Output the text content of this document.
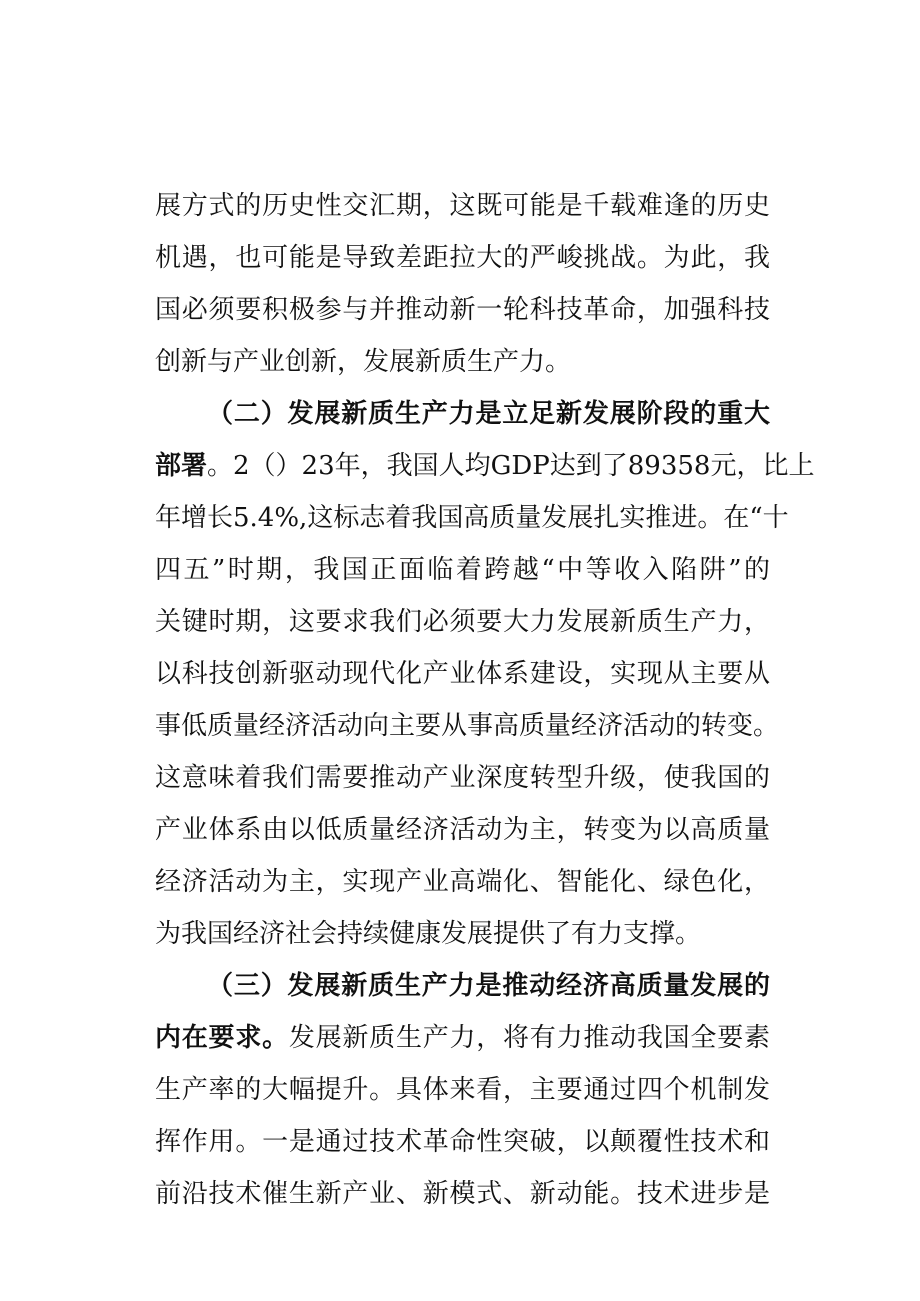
展方式的历史性交汇期，这既可能是千载难逢的历史
机遇，也可能是导致差距拉大的严峻挑战。为此，我
国必须要积极参与并推动新一轮科技革命，加强科技
创新与产业创新，发展新质生产力。
（二）发展新质生产力是立足新发展阶段的重大
部署。2（）23年，我国人均GDP达到了89358元，比上
年增长5.4%,这标志着我国高质量发展扎实推进。在“十
四五”时期，我国正面临着跨越“中等收入陷阱”的
关键时期，这要求我们必须要大力发展新质生产力，
以科技创新驱动现代化产业体系建设，实现从主要从
事低质量经济活动向主要从事高质量经济活动的转变。
这意味着我们需要推动产业深度转型升级，使我国的
产业体系由以低质量经济活动为主，转变为以高质量
经济活动为主，实现产业高端化、智能化、绿色化，
为我国经济社会持续健康发展提供了有力支撑。
（三）发展新质生产力是推动经济高质量发展的
内在要求。发展新质生产力，将有力推动我国全要素
生产率的大幅提升。具体来看，主要通过四个机制发
挥作用。一是通过技术革命性突破，以颠覆性技术和
前沿技术催生新产业、新模式、新动能。技术进步是
